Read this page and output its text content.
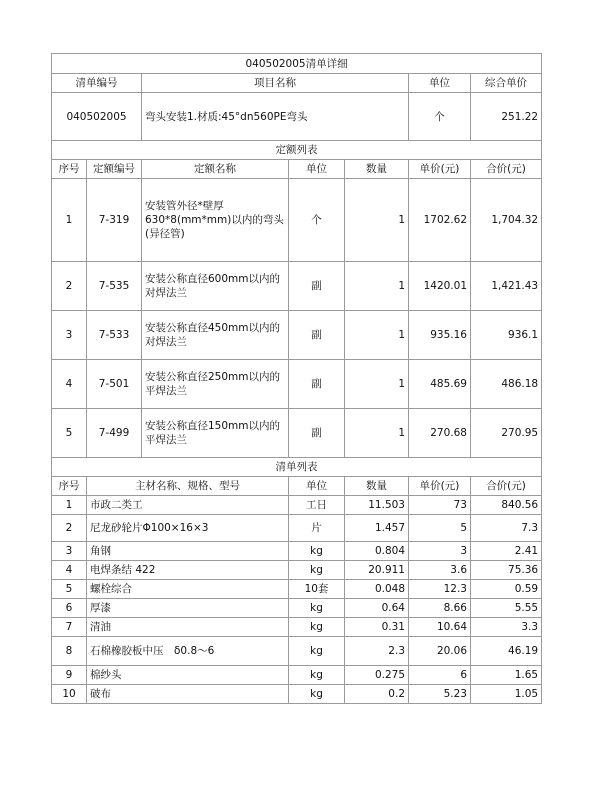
040502005清单详细						
清单编号		项目名称			单位	综合单价
040502005		弯头安装1.材质:45°dn560PE弯头			个	251.22
定额列表						
序号	定额编号	定额名称	单位	数量	单价(元)	合价(元)
1	7-319	安装管外径*壁厚630*8(mm*mm)以内的弯头(异径管)	个	1	1702.62	1,704.32
2	7-535	安装公称直径600mm以内的对焊法兰	副	1	1420.01	1,421.43
3	7-533	安装公称直径450mm以内的对焊法兰	副	1	935.16	936.1
4	7-501	安装公称直径250mm以内的平焊法兰	副	1	485.69	486.18
5	7-499	安装公称直径150mm以内的平焊法兰	副	1	270.68	270.95
清单列表						
序号	主材名称、规格、型号		单位	数量	单价(元)	合价(元)
1	市政二类工		工日	11.503	73	840.56
2	尼龙砂轮片Φ100×16×3		片	1.457	5	7.3
3	角钢		kg	0.804	3	2.41
4	电焊条结 422		kg	20.911	3.6	75.36
5	螺栓综合		10套	0.048	12.3	0.59
6	厚漆		kg	0.64	8.66	5.55
7	清油		kg	0.31	10.64	3.3
8	石棉橡胶板中压　δ0.8～6		kg	2.3	20.06	46.19
9	棉纱头		kg	0.275	6	1.65
10	破布		kg	0.2	5.23	1.05
